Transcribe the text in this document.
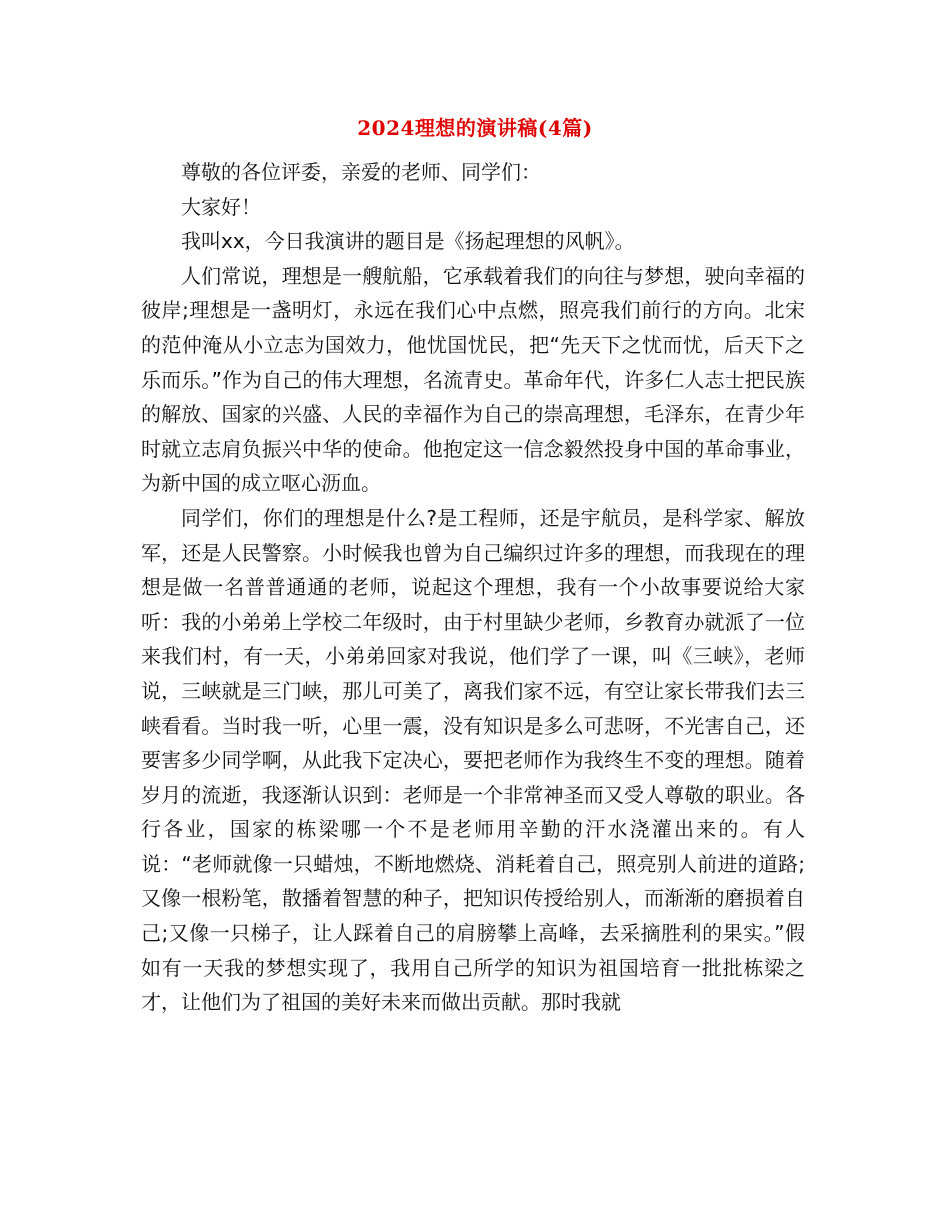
2024理想的演讲稿(4篇)

尊敬的各位评委，亲爱的老师、同学们：

大家好！

我叫xx，今日我演讲的题目是《扬起理想的风帆》。

人们常说，理想是一艘航船，它承载着我们的向往与梦想，驶向幸福的彼岸;理想是一盏明灯，永远在我们心中点燃，照亮我们前行的方向。北宋的范仲淹从小立志为国效力，他忧国忧民，把“先天下之忧而忧，后天下之乐而乐。”作为自己的伟大理想，名流青史。革命年代，许多仁人志士把民族的解放、国家的兴盛、人民的幸福作为自己的崇高理想，毛泽东，在青少年时就立志肩负振兴中华的使命。他抱定这一信念毅然投身中国的革命事业，为新中国的成立呕心沥血。

同学们，你们的理想是什么?是工程师，还是宇航员，是科学家、解放军，还是人民警察。小时候我也曾为自己编织过许多的理想，而我现在的理想是做一名普普通通的老师，说起这个理想，我有一个小故事要说给大家听：我的小弟弟上学校二年级时，由于村里缺少老师，乡教育办就派了一位来我们村，有一天，小弟弟回家对我说，他们学了一课，叫《三峡》，老师说，三峡就是三门峡，那儿可美了，离我们家不远，有空让家长带我们去三峡看看。当时我一听，心里一震，没有知识是多么可悲呀，不光害自己，还要害多少同学啊，从此我下定决心，要把老师作为我终生不变的理想。随着岁月的流逝，我逐渐认识到：老师是一个非常神圣而又受人尊敬的职业。各行各业，国家的栋梁哪一个不是老师用辛勤的汗水浇灌出来的。有人说：“老师就像一只蜡烛，不断地燃烧、消耗着自己，照亮别人前进的道路;又像一根粉笔，散播着智慧的种子，把知识传授给别人，而渐渐的磨损着自己;又像一只梯子，让人踩着自己的肩膀攀上高峰，去采摘胜利的果实。”假如有一天我的梦想实现了，我用自己所学的知识为祖国培育一批批栋梁之才，让他们为了祖国的美好未来而做出贡献。那时我就
